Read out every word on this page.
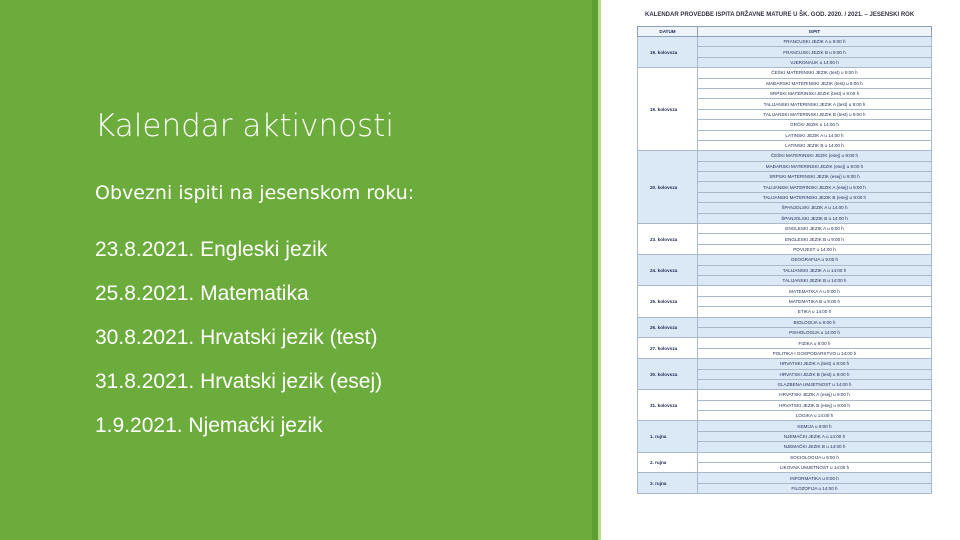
Kalendar aktivnosti
Obvezni ispiti na jesenskom roku:
23.8.2021. Engleski jezik
25.8.2021. Matematika
30.8.2021. Hrvatski jezik (test)
31.8.2021. Hrvatski jezik (esej)
1.9.2021. Njemački jezik
KALENDAR PROVEDBE ISPITA DRŽAVNE MATURE U ŠK. GOD. 2020. / 2021. – JESENSKI ROK
DATUM	ISPIT
19. kolovoza	FRANCUSKI JEZIK A u 9:00 h
	FRANCUSKI JEZIK B u 9:00 h
	VJERONAUK u 14:00 h
19. kolovoza	ČEŠKI MATERINSKI JEZIK (test) u 9:00 h
	MAĐARSKI MATERINSKI JEZIK (test) u 9:00 h
	SRPSKI MATERINSKI JEZIK (test) u 9:00 h
	TALIJANSKI MATERINSKI JEZIK A (test) u 9:00 h
	TALIJANSKI MATERINSKI JEZIK B (test) u 9:00 h
	GRČKI JEZIK u 14:00 h
	LATINSKI JEZIK A u 14:00 h
	LATINSKI JEZIK B u 14:00 h
20. kolovoza	ČEŠKI MATERINSKI JEZIK (esej) u 9:00 h
	MAĐARSKI MATERINSKI JEZIK (esej) u 9:00 h
	SRPSKI MATERINSKI JEZIK (esej) u 9:00 h
	TALIJANSKI MATERINSKI JEZIK A (esej) u 9:00 h
	TALIJANSKI MATERINSKI JEZIK B (esej) u 9:00 h
	ŠPANJOLSKI JEZIK A u 14:00 h
	ŠPANJOLSKI JEZIK B u 14:00 h
23. kolovoza	ENGLESKI JEZIK A u 9:00 h
	ENGLESKI JEZIK B u 9:00 h
	POVIJEST u 14:00 h
24. kolovoza	GEOGRAFIJA u 9:00 h
	TALIJANSKI JEZIK A u 14:00 h
	TALIJANSKI JEZIK B u 14:00 h
25. kolovoza	MATEMATIKA A u 9:00 h
	MATEMATIKA B u 9:00 h
	ETIKA u 14:00 h
26. kolovoza	BIOLOGIJA u 9:00 h
	PSIHOLOGIJA u 14:00 h
27. kolovoza	FIZIKA u 9:00 h
	POLITIKA I GOSPODARSTVO u 14:00 h
30. kolovoza	HRVATSKI JEZIK A (test) u 9:00 h
	HRVATSKI JEZIK B (test) u 9:00 h
	GLAZBENA UMJETNOST u 14:00 h
31. kolovoza	HRVATSKI JEZIK A (esej) u 9:00 h
	HRVATSKI JEZIK B (esej) u 9:00 h
	LOGIKA u 14:00 h
1. rujna	KEMIJA u 9:00 h
	NJEMAČKI JEZIK A u 14:00 h
	NJEMAČKI JEZIK B u 14:00 h
2. rujna	SOCIOLOGIJA u 9:00 h
	LIKOVNA UMJETNOST u 14:00 h
3. rujna	INFORMATIKA u 9:00 h
	FILOZOFIJA u 14:00 h
